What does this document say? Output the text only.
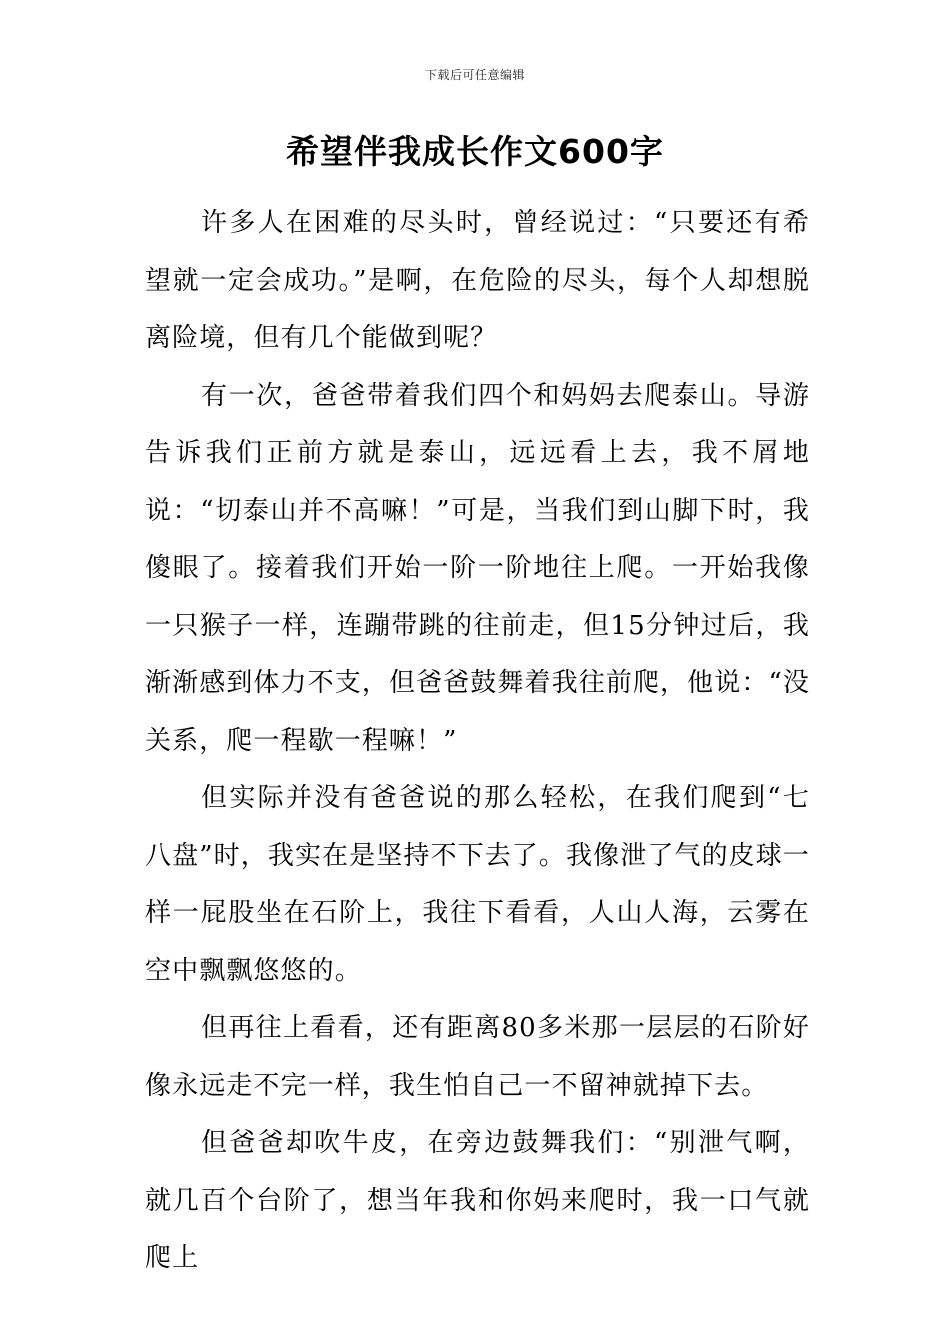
下载后可任意编辑
希望伴我成长作文600字

许多人在困难的尽头时，曾经说过：“只要还有希望就一定会成功。”是啊，在危险的尽头，每个人却想脱离险境，但有几个能做到呢？

有一次，爸爸带着我们四个和妈妈去爬泰山。导游告诉我们正前方就是泰山，远远看上去，我不屑地说：“切泰山并不高嘛！”可是，当我们到山脚下时，我傻眼了。接着我们开始一阶一阶地往上爬。一开始我像一只猴子一样，连蹦带跳的往前走，但15分钟过后，我渐渐感到体力不支，但爸爸鼓舞着我往前爬，他说：“没关系，爬一程歇一程嘛！”

但实际并没有爸爸说的那么轻松，在我们爬到“七八盘”时，我实在是坚持不下去了。我像泄了气的皮球一样一屁股坐在石阶上，我往下看看，人山人海，云雾在空中飘飘悠悠的。

但再往上看看，还有距离80多米那一层层的石阶好像永远走不完一样，我生怕自己一不留神就掉下去。

但爸爸却吹牛皮，在旁边鼓舞我们：“别泄气啊，就几百个台阶了，想当年我和你妈来爬时，我一口气就爬上
